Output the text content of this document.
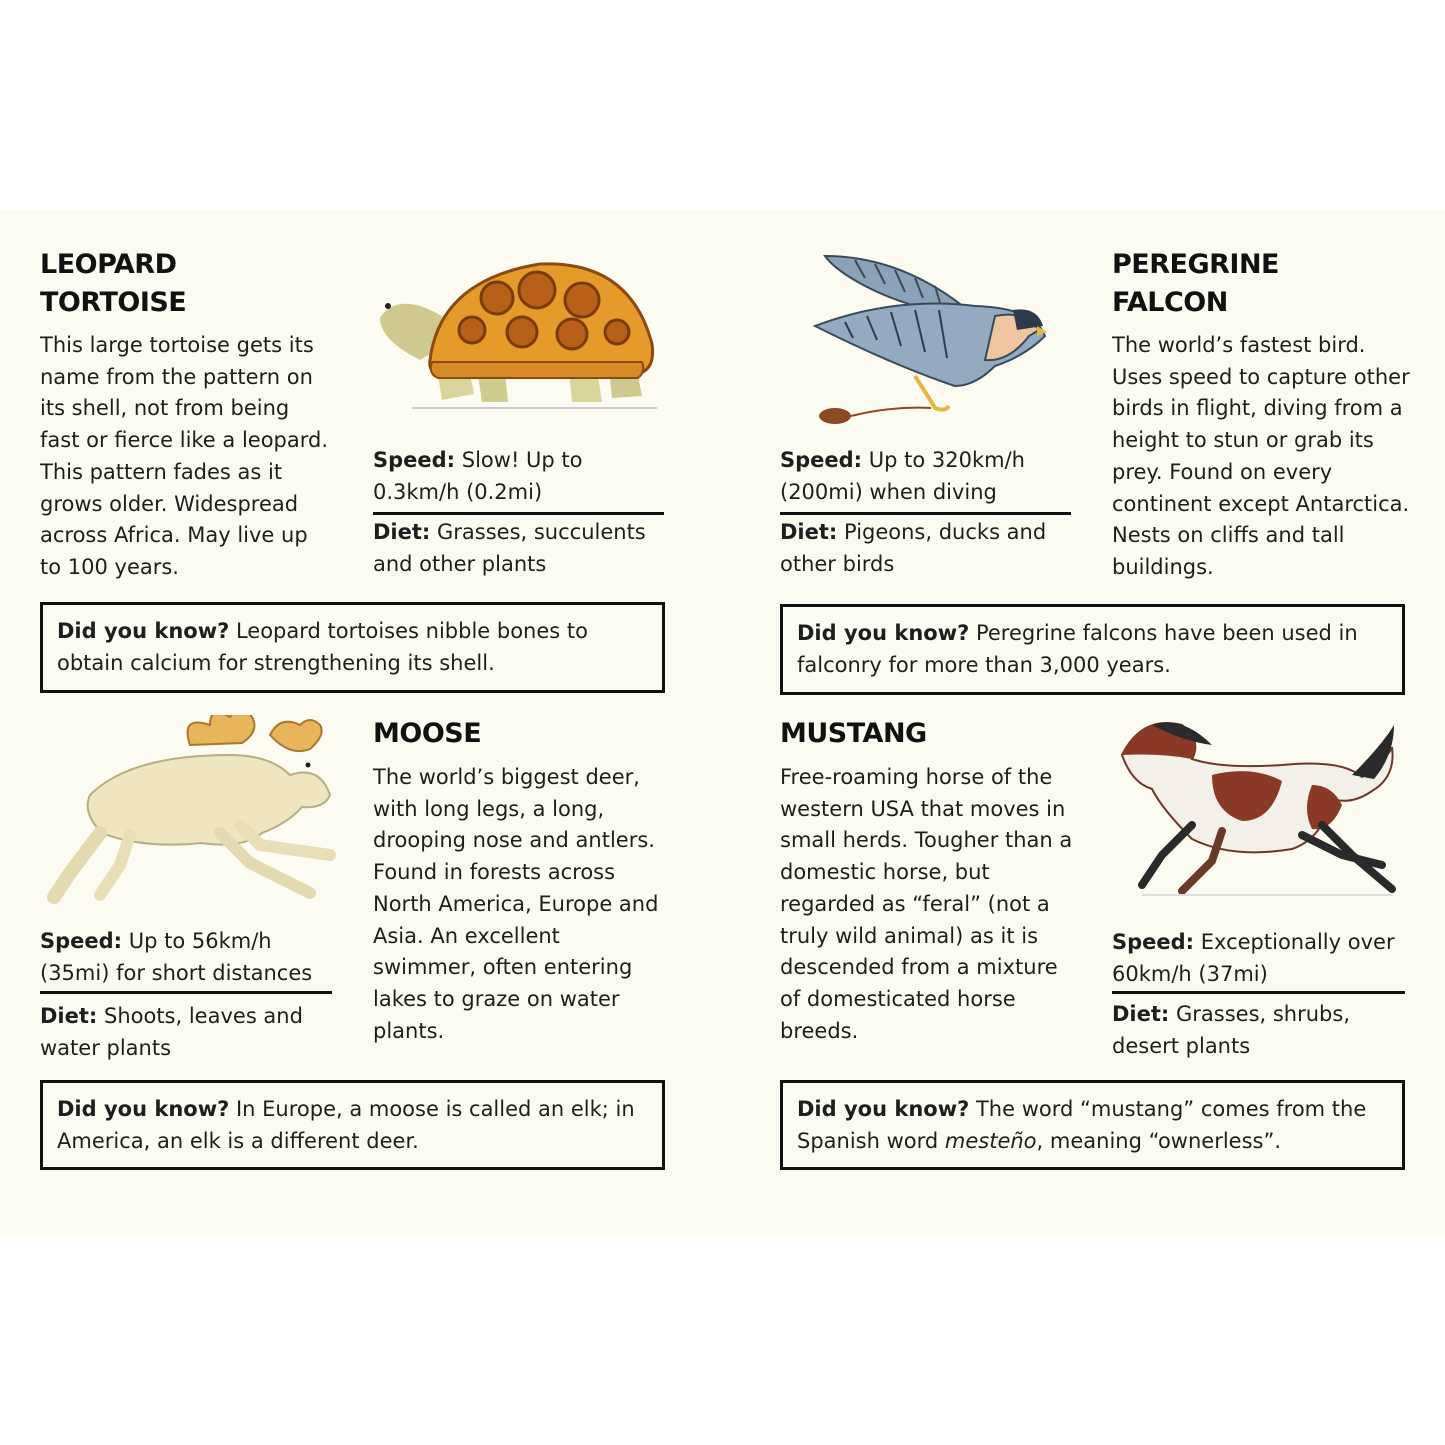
LEOPARD
TORTOISE
This large tortoise gets its name from the pattern on its shell, not from being fast or fierce like a leopard. This pattern fades as it grows older. Widespread across Africa. May live up to 100 years.
Speed: Slow! Up to 0.3km/h (0.2mi)
Diet: Grasses, succulents and other plants
Did you know? Leopard tortoises nibble bones to obtain calcium for strengthening its shell.
PEREGRINE
FALCON
The world’s fastest bird. Uses speed to capture other birds in flight, diving from a height to stun or grab its prey. Found on every continent except Antarctica. Nests on cliffs and tall buildings.
Speed: Up to 320km/h (200mi) when diving
Diet: Pigeons, ducks and other birds
Did you know? Peregrine falcons have been used in falconry for more than 3,000 years.
MOOSE
The world’s biggest deer, with long legs, a long, drooping nose and antlers. Found in forests across North America, Europe and Asia. An excellent swimmer, often entering lakes to graze on water plants.
Speed: Up to 56km/h (35mi) for short distances
Diet: Shoots, leaves and water plants
Did you know? In Europe, a moose is called an elk; in America, an elk is a different deer.
MUSTANG
Free-roaming horse of the western USA that moves in small herds. Tougher than a domestic horse, but regarded as “feral” (not a truly wild animal) as it is descended from a mixture of domesticated horse breeds.
Speed: Exceptionally over 60km/h (37mi)
Diet: Grasses, shrubs, desert plants
Did you know? The word “mustang” comes from the Spanish word mesteño, meaning “ownerless”.
